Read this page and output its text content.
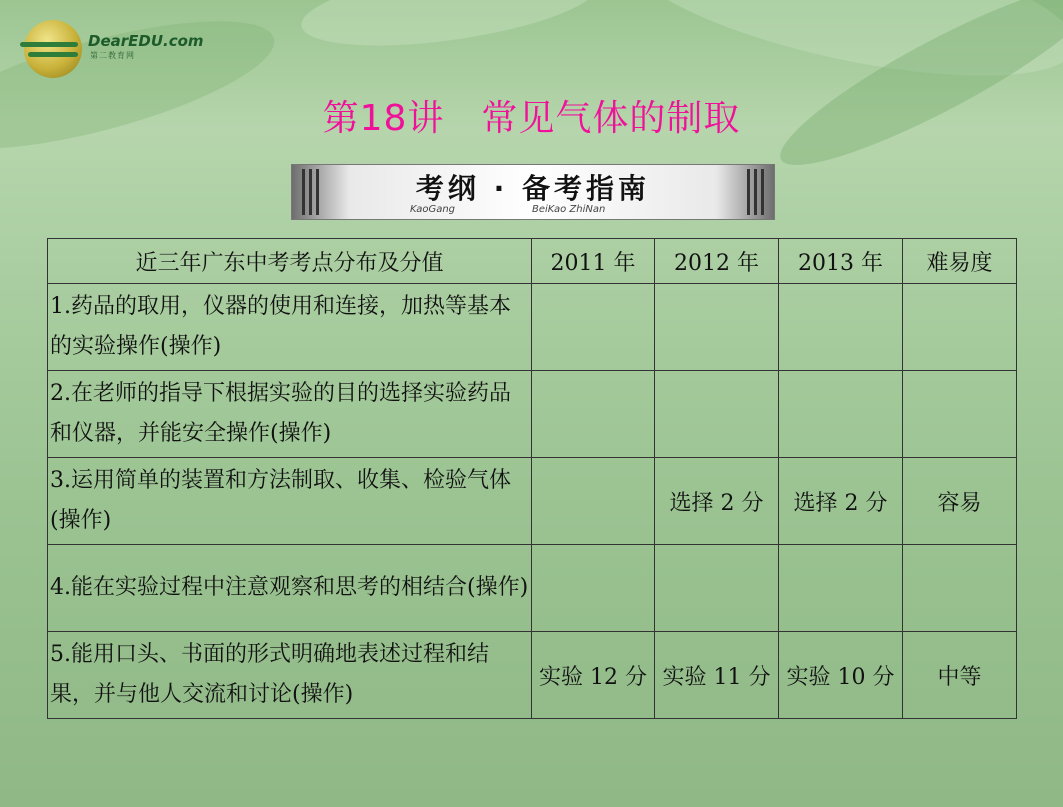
DearEDU.com
第二教育网
第18讲　常见气体的制取
考纲 · 备考指南
KaoGang	BeiKao ZhiNan
近三年广东中考考点分布及分值	2011 年	2012 年	2013 年	难易度
1.药品的取用，仪器的使用和连接，加热等基本的实验操作(操作)				
2.在老师的指导下根据实验的目的选择实验药品和仪器，并能安全操作(操作)				
3.运用简单的装置和方法制取、收集、检验气体(操作)		选择 2 分	选择 2 分	容易
4.能在实验过程中注意观察和思考的相结合(操作)				
5.能用口头、书面的形式明确地表述过程和结果，并与他人交流和讨论(操作)	实验 12 分	实验 11 分	实验 10 分	中等
